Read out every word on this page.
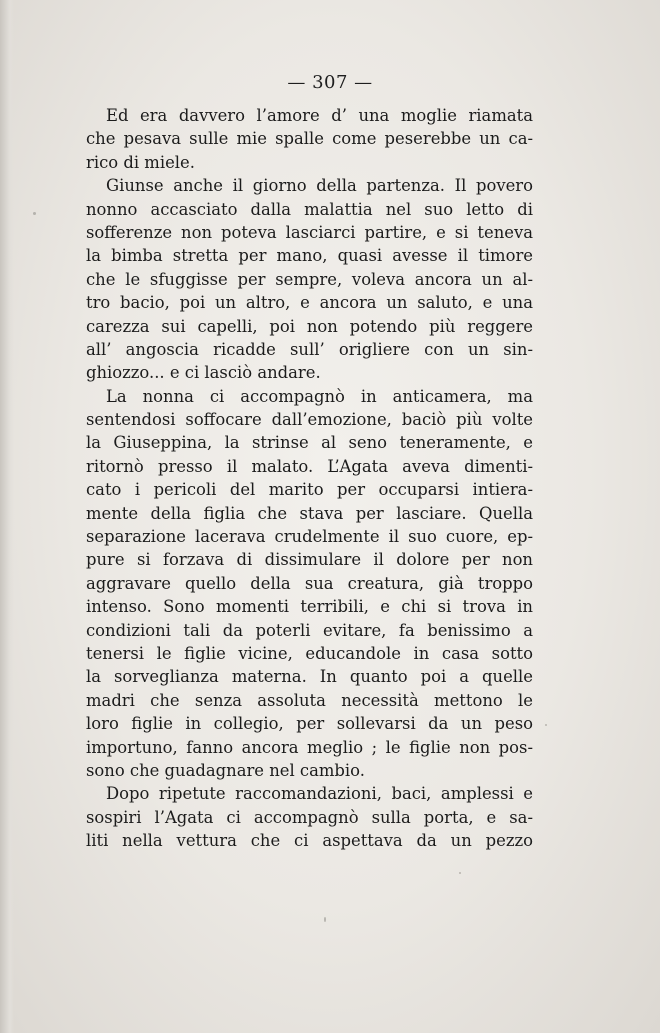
— 307 —
Ed era davvero l’amore d’ una moglie riamata
che pesava sulle mie spalle come peserebbe un ca-
rico di miele.
Giunse anche il giorno della partenza. Il povero
nonno accasciato dalla malattia nel suo letto di
sofferenze non poteva lasciarci partire, e si teneva
la bimba stretta per mano, quasi avesse il timore
che le sfuggisse per sempre, voleva ancora un al-
tro bacio, poi un altro, e ancora un saluto, e una
carezza sui capelli, poi non potendo più reggere
all’ angoscia ricadde sull’ origliere con un sin-
ghiozzo... e ci lasciò andare.
La nonna ci accompagnò in anticamera, ma
sentendosi soffocare dall’emozione, baciò più volte
la Giuseppina, la strinse al seno teneramente, e
ritornò presso il malato. L’Agata aveva dimenti-
cato i pericoli del marito per occuparsi intiera-
mente della figlia che stava per lasciare. Quella
separazione lacerava crudelmente il suo cuore, ep-
pure si forzava di dissimulare il dolore per non
aggravare quello della sua creatura, già troppo
intenso. Sono momenti terribili, e chi si trova in
condizioni tali da poterli evitare, fa benissimo a
tenersi le figlie vicine, educandole in casa sotto
la sorveglianza materna. In quanto poi a quelle
madri che senza assoluta necessità mettono le
loro figlie in collegio, per sollevarsi da un peso
importuno, fanno ancora meglio ; le figlie non pos-
sono che guadagnare nel cambio.
Dopo ripetute raccomandazioni, baci, amplessi e
sospiri l’Agata ci accompagnò sulla porta, e sa-
liti nella vettura che ci aspettava da un pezzo
